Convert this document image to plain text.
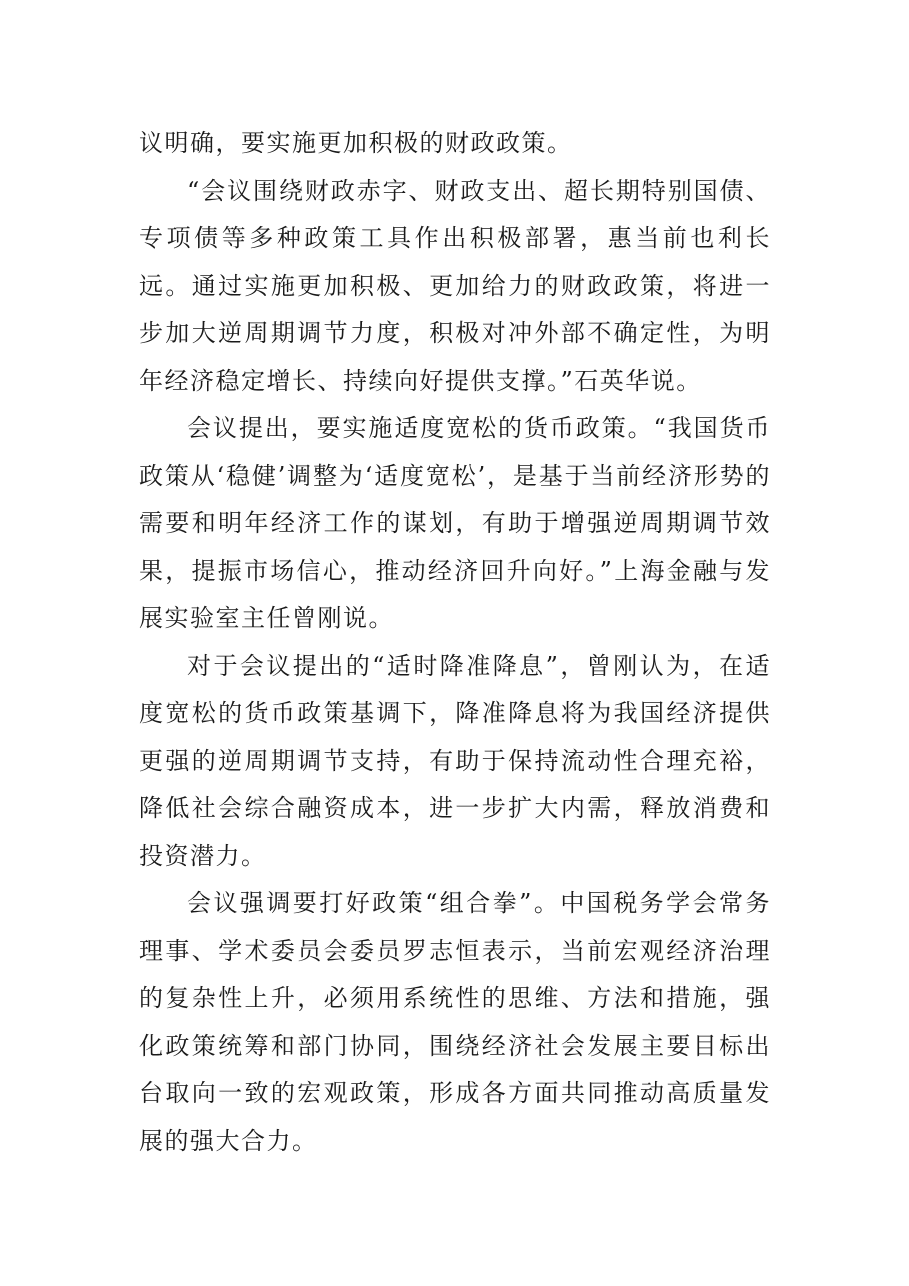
议明确，要实施更加积极的财政政策。

“会议围绕财政赤字、财政支出、超长期特别国债、专项债等多种政策工具作出积极部署，惠当前也利长远。通过实施更加积极、更加给力的财政政策，将进一步加大逆周期调节力度，积极对冲外部不确定性，为明年经济稳定增长、持续向好提供支撑。”石英华说。

会议提出，要实施适度宽松的货币政策。“我国货币政策从‘稳健’调整为‘适度宽松’，是基于当前经济形势的需要和明年经济工作的谋划，有助于增强逆周期调节效果，提振市场信心，推动经济回升向好。”上海金融与发展实验室主任曾刚说。

对于会议提出的“适时降准降息”，曾刚认为，在适度宽松的货币政策基调下，降准降息将为我国经济提供更强的逆周期调节支持，有助于保持流动性合理充裕，降低社会综合融资成本，进一步扩大内需，释放消费和投资潜力。

会议强调要打好政策“组合拳”。中国税务学会常务理事、学术委员会委员罗志恒表示，当前宏观经济治理的复杂性上升，必须用系统性的思维、方法和措施，强化政策统筹和部门协同，围绕经济社会发展主要目标出台取向一致的宏观政策，形成各方面共同推动高质量发展的强大合力。
